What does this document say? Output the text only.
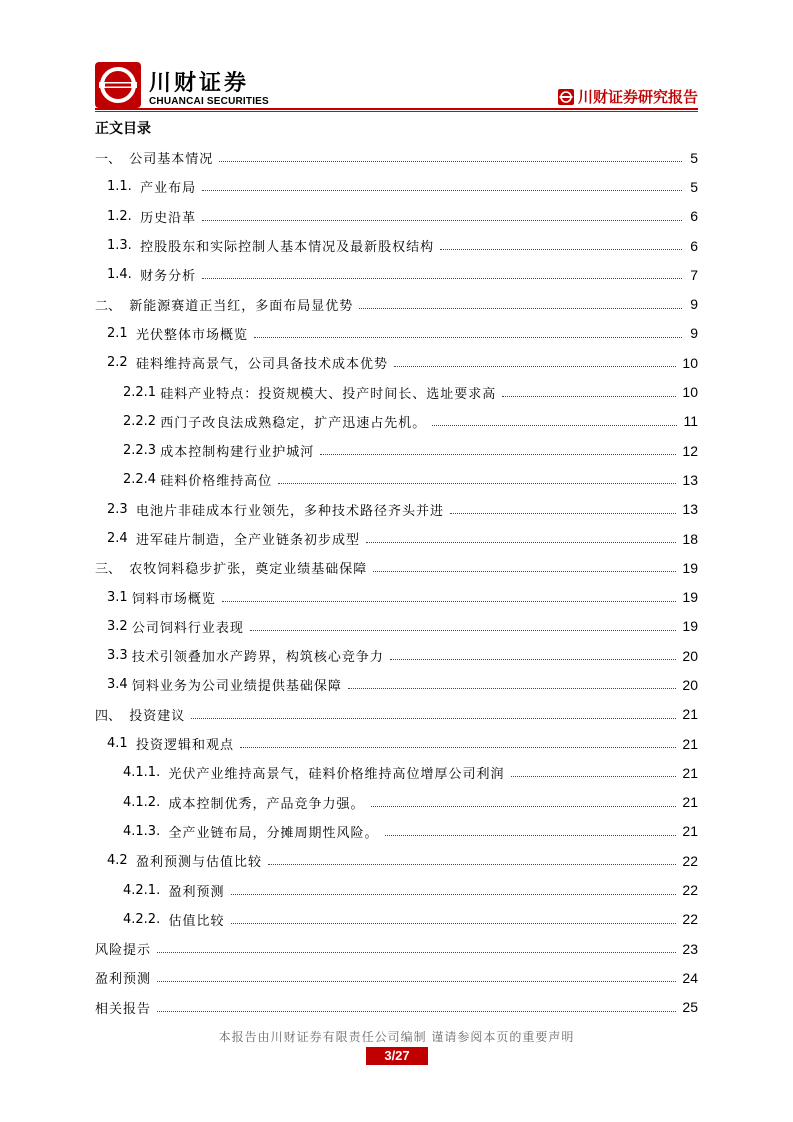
川财证券
CHUANCAI SECURITIES	川财证券研究报告
正文目录
一、 公司基本情况	5
1.1. 产业布局	5
1.2. 历史沿革	6
1.3. 控股股东和实际控制人基本情况及最新股权结构	6
1.4. 财务分析	7
二、 新能源赛道正当红，多面布局显优势	9
2.1 光伏整体市场概览	9
2.2 硅料维持高景气，公司具备技术成本优势	10
2.2.1 硅料产业特点：投资规模大、投产时间长、选址要求高	10
2.2.2 西门子改良法成熟稳定，扩产迅速占先机。	11
2.2.3 成本控制构建行业护城河	12
2.2.4 硅料价格维持高位	13
2.3 电池片非硅成本行业领先，多种技术路径齐头并进	13
2.4 进军硅片制造，全产业链条初步成型	18
三、 农牧饲料稳步扩张，奠定业绩基础保障	19
3.1 饲料市场概览	19
3.2 公司饲料行业表现	19
3.3 技术引领叠加水产跨界，构筑核心竞争力	20
3.4 饲料业务为公司业绩提供基础保障	20
四、 投资建议	21
4.1 投资逻辑和观点	21
4.1.1. 光伏产业维持高景气，硅料价格维持高位增厚公司利润	21
4.1.2. 成本控制优秀，产品竞争力强。	21
4.1.3. 全产业链布局，分摊周期性风险。	21
4.2 盈利预测与估值比较	22
4.2.1. 盈利预测	22
4.2.2. 估值比较	22
风险提示	23
盈利预测	24
相关报告	25
本报告由川财证券有限责任公司编制 谨请参阅本页的重要声明
3/27
